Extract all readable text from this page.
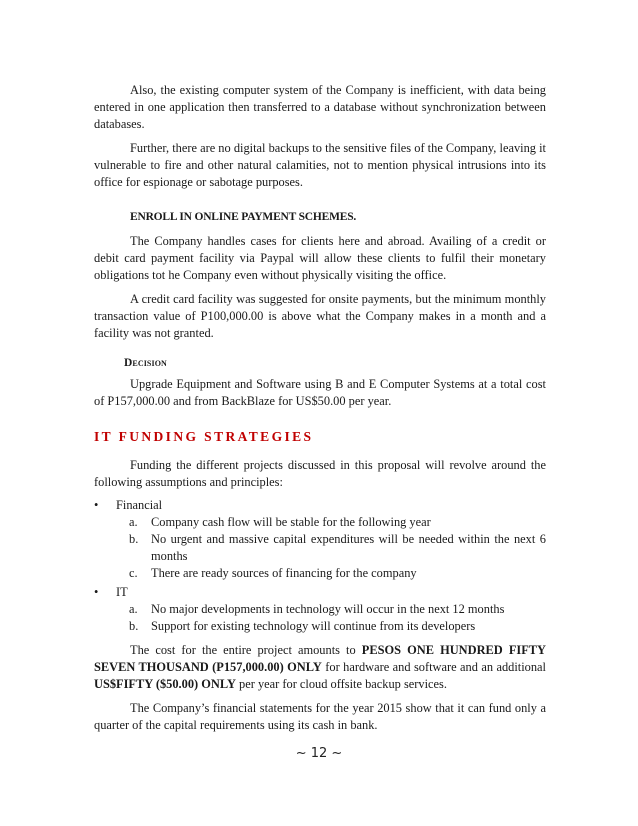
Also, the existing computer system of the Company is inefficient, with data being entered in one application then transferred to a database without synchronization between databases.

Further, there are no digital backups to the sensitive files of the Company, leaving it vulnerable to fire and other natural calamities, not to mention physical intrusions into its office for espionage or sabotage purposes.

ENROLL IN ONLINE PAYMENT SCHEMES.

The Company handles cases for clients here and abroad. Availing of a credit or debit card payment facility via Paypal will allow these clients to fulfil their monetary obligations tot he Company even without physically visiting the office.

A credit card facility was suggested for onsite payments, but the minimum monthly transaction value of P100,000.00 is above what the Company makes in a month and a facility was not granted.

Decision

Upgrade Equipment and Software using B and E Computer Systems at a total cost of P157,000.00 and from BackBlaze for US$50.00 per year.

IT FUNDING STRATEGIES

Funding the different projects discussed in this proposal will revolve around the following assumptions and principles:

•	Financial
a.	Company cash flow will be stable for the following year
b.	No urgent and massive capital expenditures will be needed within the next 6 months
c.	There are ready sources of financing for the company
•	IT
a.	No major developments in technology will occur in the next 12 months
b.	Support for existing technology will continue from its developers

The cost for the entire project amounts to PESOS ONE HUNDRED FIFTY SEVEN THOUSAND (P157,000.00) ONLY for hardware and software and an additional US$FIFTY ($50.00) ONLY per year for cloud offsite backup services.

The Company’s financial statements for the year 2015 show that it can fund only a quarter of the capital requirements using its cash in bank.

~ 12 ~
